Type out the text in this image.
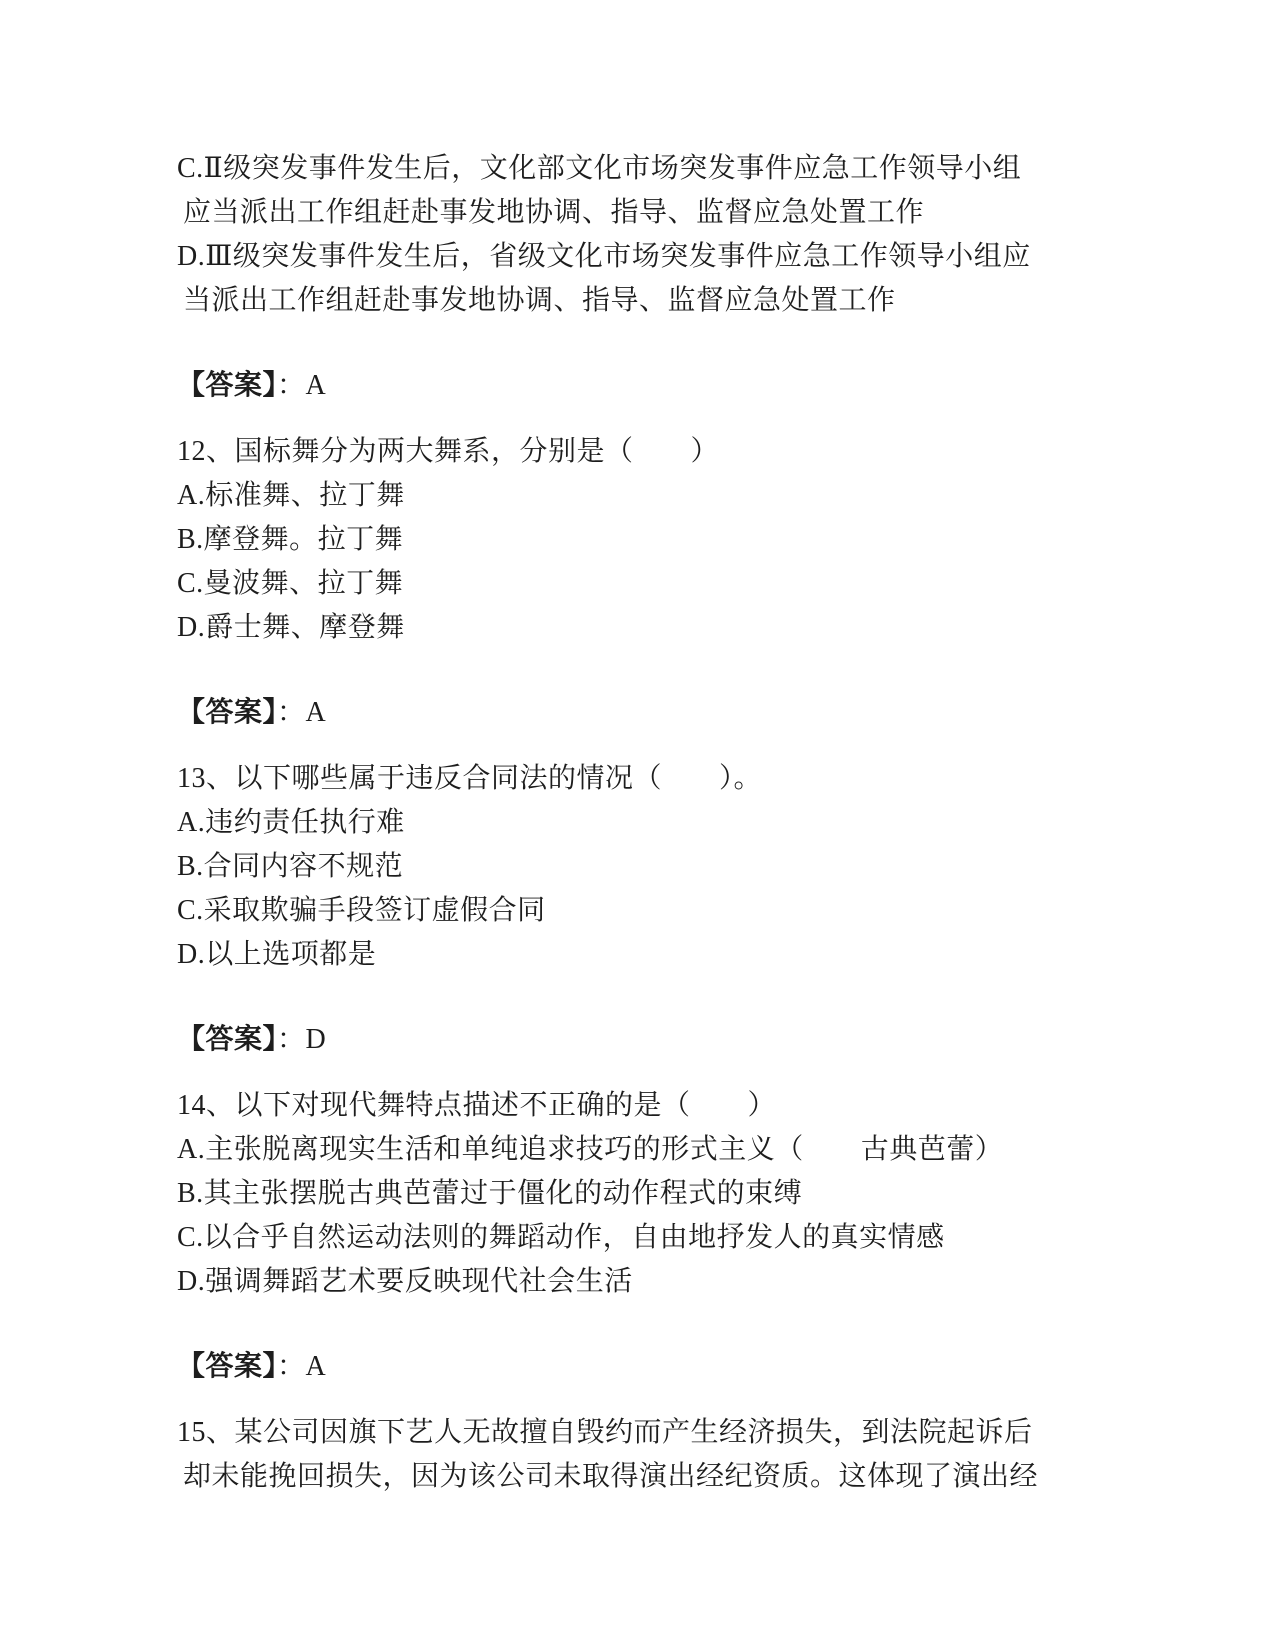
C.Ⅱ级突发事件发生后，文化部文化市场突发事件应急工作领导小组
应当派出工作组赶赴事发地协调、指导、监督应急处置工作
D.Ⅲ级突发事件发生后，省级文化市场突发事件应急工作领导小组应
当派出工作组赶赴事发地协调、指导、监督应急处置工作
【答案】：A
12、国标舞分为两大舞系，分别是（　　）
A.标准舞、拉丁舞
B.摩登舞。拉丁舞
C.曼波舞、拉丁舞
D.爵士舞、摩登舞
【答案】：A
13、以下哪些属于违反合同法的情况（　　）。
A.违约责任执行难
B.合同内容不规范
C.采取欺骗手段签订虚假合同
D.以上选项都是
【答案】：D
14、以下对现代舞特点描述不正确的是（　　）
A.主张脱离现实生活和单纯追求技巧的形式主义（　　古典芭蕾）
B.其主张摆脱古典芭蕾过于僵化的动作程式的束缚
C.以合乎自然运动法则的舞蹈动作，自由地抒发人的真实情感
D.强调舞蹈艺术要反映现代社会生活
【答案】：A
15、某公司因旗下艺人无故擅自毁约而产生经济损失，到法院起诉后
却未能挽回损失，因为该公司未取得演出经纪资质。这体现了演出经
